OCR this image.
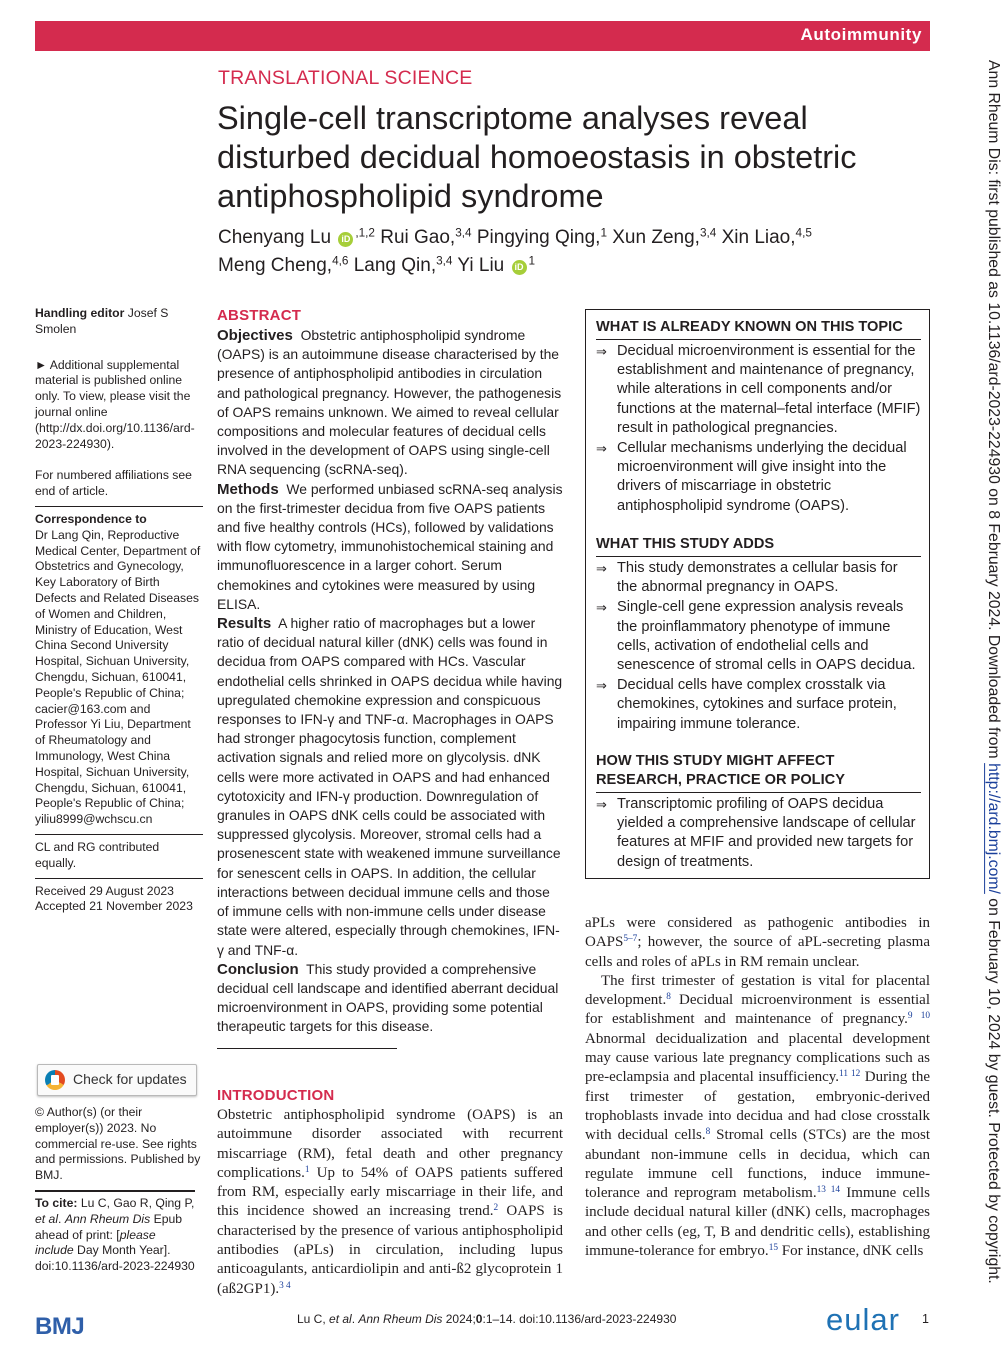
Autoimmunity
TRANSLATIONAL SCIENCE
Single-cell transcriptome analyses reveal disturbed decidual homoeostasis in obstetric antiphospholipid syndrome
Chenyang Lu iD $^{,1,2}$ Rui Gao,$^{3,4}$ Pingying Qing,$^1$ Xun Zeng,$^{3,4}$ Xin Liao,$^{4,5}$
Meng Cheng,$^{4,6}$ Lang Qin,$^{3,4}$ Yi Liu iD $^1$

Handling editor Josef S Smolen

► Additional supplemental material is published online only. To view, please visit the journal online (http://dx.doi.org/10.1136/ard-2023-224930).

For numbered affiliations see end of article.

Correspondence to

Dr Lang Qin, Reproductive Medical Center, Department of Obstetrics and Gynecology, Key Laboratory of Birth Defects and Related Diseases of Women and Children, Ministry of Education, West China Second University Hospital, Sichuan University, Chengdu, Sichuan, 610041, People's Republic of China; cacier@163.com and Professor Yi Liu, Department of Rheumatology and Immunology, West China Hospital, Sichuan University, Chengdu, Sichuan, 610041, People's Republic of China; yiliu8999@wchscu.cn

CL and RG contributed equally.

Received 29 August 2023

Accepted 21 November 2023

Check for updates
© Author(s) (or their employer(s)) 2023. No commercial re-use. See rights and permissions. Published by BMJ.
To cite: Lu C, Gao R, Qing P, et al. Ann Rheum Dis Epub ahead of print: [please include Day Month Year]. doi:10.1136/ard-2023-224930
ABSTRACT

Objectives Obstetric antiphospholipid syndrome (OAPS) is an autoimmune disease characterised by the presence of antiphospholipid antibodies in circulation and pathological pregnancy. However, the pathogenesis of OAPS remains unknown. We aimed to reveal cellular compositions and molecular features of decidual cells involved in the development of OAPS using single-cell RNA sequencing (scRNA-seq).

Methods We performed unbiased scRNA-seq analysis on the first-trimester decidua from five OAPS patients and five healthy controls (HCs), followed by validations with flow cytometry, immunohistochemical staining and immunofluorescence in a larger cohort. Serum chemokines and cytokines were measured by using ELISA.

Results A higher ratio of macrophages but a lower ratio of decidual natural killer (dNK) cells was found in decidua from OAPS compared with HCs. Vascular endothelial cells shrinked in OAPS decidua while having upregulated chemokine expression and conspicuous responses to IFN-γ and TNF-α. Macrophages in OAPS had stronger phagocytosis function, complement activation signals and relied more on glycolysis. dNK cells were more activated in OAPS and had enhanced cytotoxicity and IFN-γ production. Downregulation of granules in OAPS dNK cells could be associated with suppressed glycolysis. Moreover, stromal cells had a prosenescent state with weakened immune surveillance for senescent cells in OAPS. In addition, the cellular interactions between decidual immune cells and those of immune cells with non-immune cells under disease state were altered, especially through chemokines, IFN-γ and TNF-α.

Conclusion This study provided a comprehensive decidual cell landscape and identified aberrant decidual microenvironment in OAPS, providing some potential therapeutic targets for this disease.

INTRODUCTION
Obstetric antiphospholipid syndrome (OAPS) is an autoimmune disorder associated with recurrent miscarriage (RM), fetal death and other pregnancy complications.$^1$ Up to 54% of OAPS patients suffered from RM, especially early miscarriage in their life, and this incidence showed an increasing trend.$^2$ OAPS is characterised by the presence of various antiphospholipid antibodies (aPLs) in circulation, including lupus anticoagulants, anticardiolipin and anti-ß2 glycoprotein 1 (aß2GP1).$^{3 4}$
WHAT IS ALREADY KNOWN ON THIS TOPIC
⇒ Decidual microenvironment is essential for the establishment and maintenance of pregnancy, while alterations in cell components and/or functions at the maternal–fetal interface (MFIF) result in pathological pregnancies.
⇒ Cellular mechanisms underlying the decidual microenvironment will give insight into the drivers of miscarriage in obstetric antiphospholipid syndrome (OAPS).
WHAT THIS STUDY ADDS
⇒ This study demonstrates a cellular basis for the abnormal pregnancy in OAPS.
⇒ Single-cell gene expression analysis reveals the proinflammatory phenotype of immune cells, activation of endothelial cells and senescence of stromal cells in OAPS decidua.
⇒ Decidual cells have complex crosstalk via chemokines, cytokines and surface protein, impairing immune tolerance.
HOW THIS STUDY MIGHT AFFECT RESEARCH, PRACTICE OR POLICY
⇒ Transcriptomic profiling of OAPS decidua yielded a comprehensive landscape of cellular features at MFIF and provided new targets for design of treatments.

aPLs were considered as pathogenic antibodies in OAPS$^{5-7}$; however, the source of aPL-secreting plasma cells and roles of aPLs in RM remain unclear.

The first trimester of gestation is vital for placental development.$^8$ Decidual microenvironment is essential for establishment and maintenance of pregnancy.$^{9 10}$ Abnormal decidualization and placental development may cause various late pregnancy complications such as pre-eclampsia and placental insufficiency.$^{11 12}$ During the first trimester of gestation, embryonic-derived trophoblasts invade into decidua and had close crosstalk with decidual cells.$^8$ Stromal cells (STCs) are the most abundant non-immune cells in decidua, which can regulate immune cell functions, induce immune-tolerance and reprogram metabolism.$^{13 14}$ Immune cells include decidual natural killer (dNK) cells, macrophages and other cells (eg, T, B and dendritic cells), establishing immune-tolerance for embryo.$^{15}$ For instance, dNK cells

Ann Rheum Dis: first published as 10.1136/ard-2023-224930 on 8 February 2024. Downloaded from http://ard.bmj.com/ on February 10, 2024 by guest. Protected by copyright.
BMJ	Lu C, et al. Ann Rheum Dis 2024;0:1–14. doi:10.1136/ard-2023-224930	eular 1
